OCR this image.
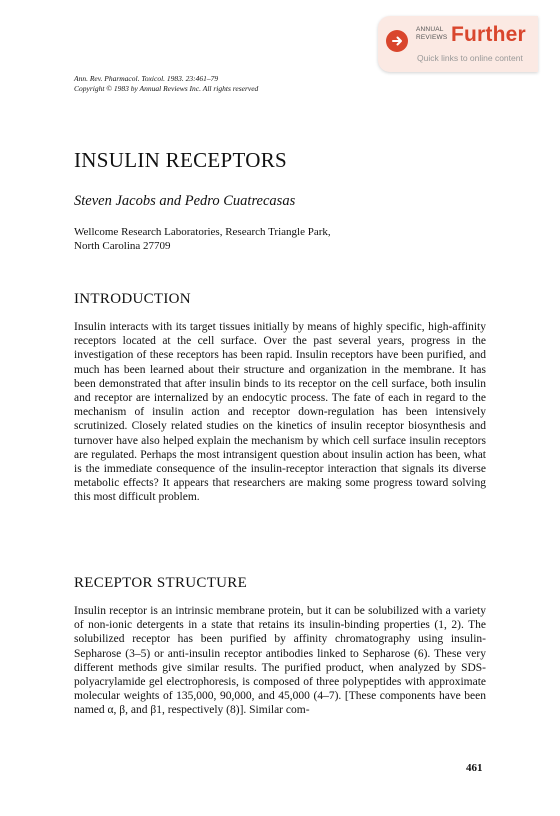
ANNUAL
REVIEWS Further
Quick links to online content
Ann. Rev. Pharmacol. Toxicol. 1983. 23:461–79
Copyright © 1983 by Annual Reviews Inc. All rights reserved
INSULIN RECEPTORS
Steven Jacobs and Pedro Cuatrecasas
Wellcome Research Laboratories, Research Triangle Park,
North Carolina 27709
INTRODUCTION

Insulin interacts with its target tissues initially by means of highly specific, high-affinity receptors located at the cell surface. Over the past several years, progress in the investigation of these receptors has been rapid. Insulin receptors have been purified, and much has been learned about their structure and organization in the membrane. It has been demonstrated that after insulin binds to its receptor on the cell surface, both insulin and receptor are internalized by an endocytic process. The fate of each in regard to the mechanism of insulin action and receptor down-regulation has been intensively scrutinized. Closely related studies on the kinetics of insulin receptor biosynthesis and turnover have also helped explain the mechanism by which cell surface insulin receptors are regulated. Perhaps the most intransigent question about insulin action has been, what is the immediate consequence of the insulin-receptor interaction that signals its diverse metabolic effects? It appears that researchers are making some progress toward solving this most difficult problem.

RECEPTOR STRUCTURE

Insulin receptor is an intrinsic membrane protein, but it can be solubilized with a variety of non-ionic detergents in a state that retains its insulin-binding properties (1, 2). The solubilized receptor has been purified by affinity chromatography using insulin-Sepharose (3–5) or anti-insulin receptor antibodies linked to Sepharose (6). These very different methods give similar results. The purified product, when analyzed by SDS-polyacrylamide gel electrophoresis, is composed of three polypeptides with approximate molecular weights of 135,000, 90,000, and 45,000 (4–7). [These components have been named α, β, and β1, respectively (8)]. Similar com-

461
